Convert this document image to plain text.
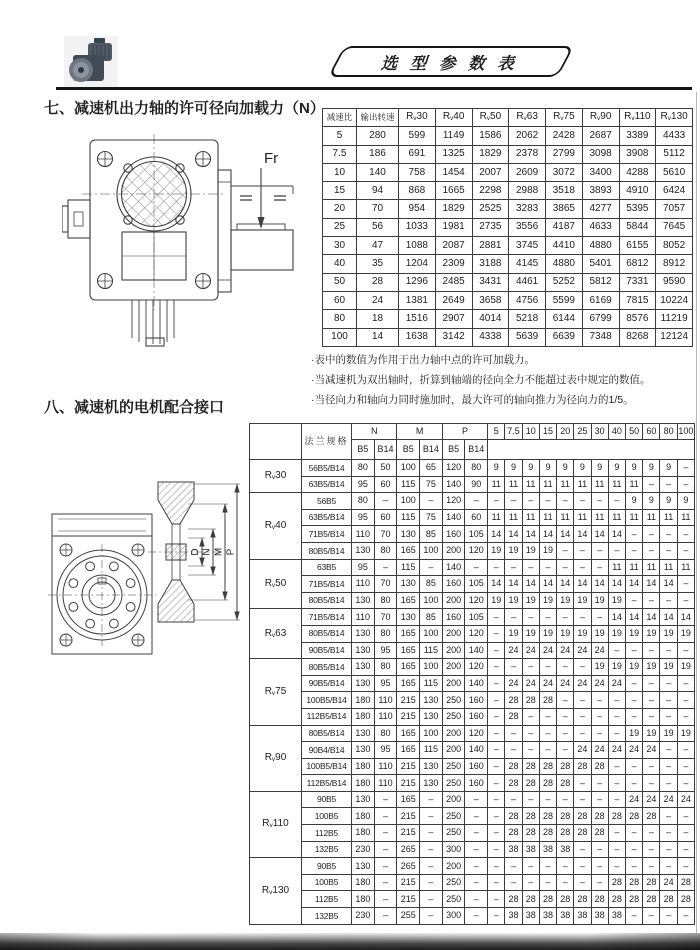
选 型 参 数 表
七、减速机出力轴的许可径向加载力（N）
Fr
减速比	输出转速	Rv30	Rv40	Rv50	Rv63	Rv75	Rv90	Rv110	Rv130
5	280	599	1149	1586	2062	2428	2687	3389	4433
7.5	186	691	1325	1829	2378	2799	3098	3908	5112
10	140	758	1454	2007	2609	3072	3400	4288	5610
15	94	868	1665	2298	2988	3518	3893	4910	6424
20	70	954	1829	2525	3283	3865	4277	5395	7057
25	56	1033	1981	2735	3556	4187	4633	5844	7645
30	47	1088	2087	2881	3745	4410	4880	6155	8052
40	35	1204	2309	3188	4145	4880	5401	6812	8912
50	28	1296	2485	3431	4461	5252	5812	7331	9590
60	24	1381	2649	3658	4756	5599	6169	7815	10224
80	18	1516	2907	4014	5218	6144	6799	8576	11219
100	14	1638	3142	4338	5639	6639	7348	8268	12124
·表中的数值为作用于出力轴中点的许可加载力。
·当减速机为双出轴时，折算到轴端的径向全力不能超过表中规定的数值。
·当径向力和轴向力同时施加时，最大许可的轴向推力为径向力的1/5。
八、减速机的电机配合接口
D N M P
	法兰规格	N		M		P		5	7.5	10	15	20	25	30	40	50	60	80	100
		B5	B14	B5	B14	B5	B14												
Rv30	56B5/B14	80	50	100	65	120	80	9	9	9	9	9	9	9	9	9	9	9	–
	63B5/B14	95	60	115	75	140	90	11	11	11	11	11	11	11	11	11	–	–	–
Rv40	56B5	80	–	100	–	120	–	–	–	–	–	–	–	–	–	9	9	9	9
	63B5/B14	95	60	115	75	140	60	11	11	11	11	11	11	11	11	11	11	11	11
	71B5/B14	110	70	130	85	160	105	14	14	14	14	14	14	14	14	–	–	–	–
	80B5/B14	130	80	165	100	200	120	19	19	19	19	–	–	–	–	–	–	–	–
Rv50	63B5	95	–	115	–	140	–	–	–	–	–	–	–	–	11	11	11	11	11
	71B5/B14	110	70	130	85	160	105	14	14	14	14	14	14	14	14	14	14	14	–
	80B5/B14	130	80	165	100	200	120	19	19	19	19	19	19	19	19	–	–	–	–
Rv63	71B5/B14	110	70	130	85	160	105	–	–	–	–	–	–	–	14	14	14	14	14
	80B5/B14	130	80	165	100	200	120	–	19	19	19	19	19	19	19	19	19	19	19
	90B5/B14	130	95	165	115	200	140	–	24	24	24	24	24	24	–	–	–	–	–
Rv75	80B5/B14	130	80	165	100	200	120	–	–	–	–	–	–	19	19	19	19	19	19
	90B5/B14	130	95	165	115	200	140	–	24	24	24	24	24	24	24	–	–	–	–
	100B5/B14	180	110	215	130	250	160	–	28	28	28	–	–	–	–	–	–	–	–
	112B5/B14	180	110	215	130	250	160	–	28	–	–	–	–	–	–	–	–	–	–
Rv90	80B5/B14	130	80	165	100	200	120	–	–	–	–	–	–	–	–	19	19	19	19
	90B4/B14	130	95	165	115	200	140	–	–	–	–	–	24	24	24	24	24	–	–
	100B5/B14	180	110	215	130	250	160	–	28	28	28	28	28	28	–	–	–	–	–
	112B5/B14	180	110	215	130	250	160	–	28	28	28	28	–	–	–	–	–	–	–
Rv110	90B5	130	–	165	–	200	–	–	–	–	–	–	–	–	–	24	24	24	24
	100B5	180	–	215	–	250	–	–	28	28	28	28	28	28	28	28	28	–	–
	112B5	180	–	215	–	250	–	–	28	28	28	28	28	28	–	–	–	–	–
	132B5	230	–	265	–	300	–	–	38	38	38	38	–	–	–	–	–	–	–
Rv130	90B5	130	–	265	–	200	–	–	–	–	–	–	–	–	–	–	–	–	–
	100B5	180	–	215	–	250	–	–	–	–	–	–	–	–	28	28	28	24	28
	112B5	180	–	215	–	250	–	–	28	28	28	28	28	28	28	28	28	28	28
	132B5	230	–	255	–	300	–	–	38	38	38	38	38	38	38	–	–	–	–
